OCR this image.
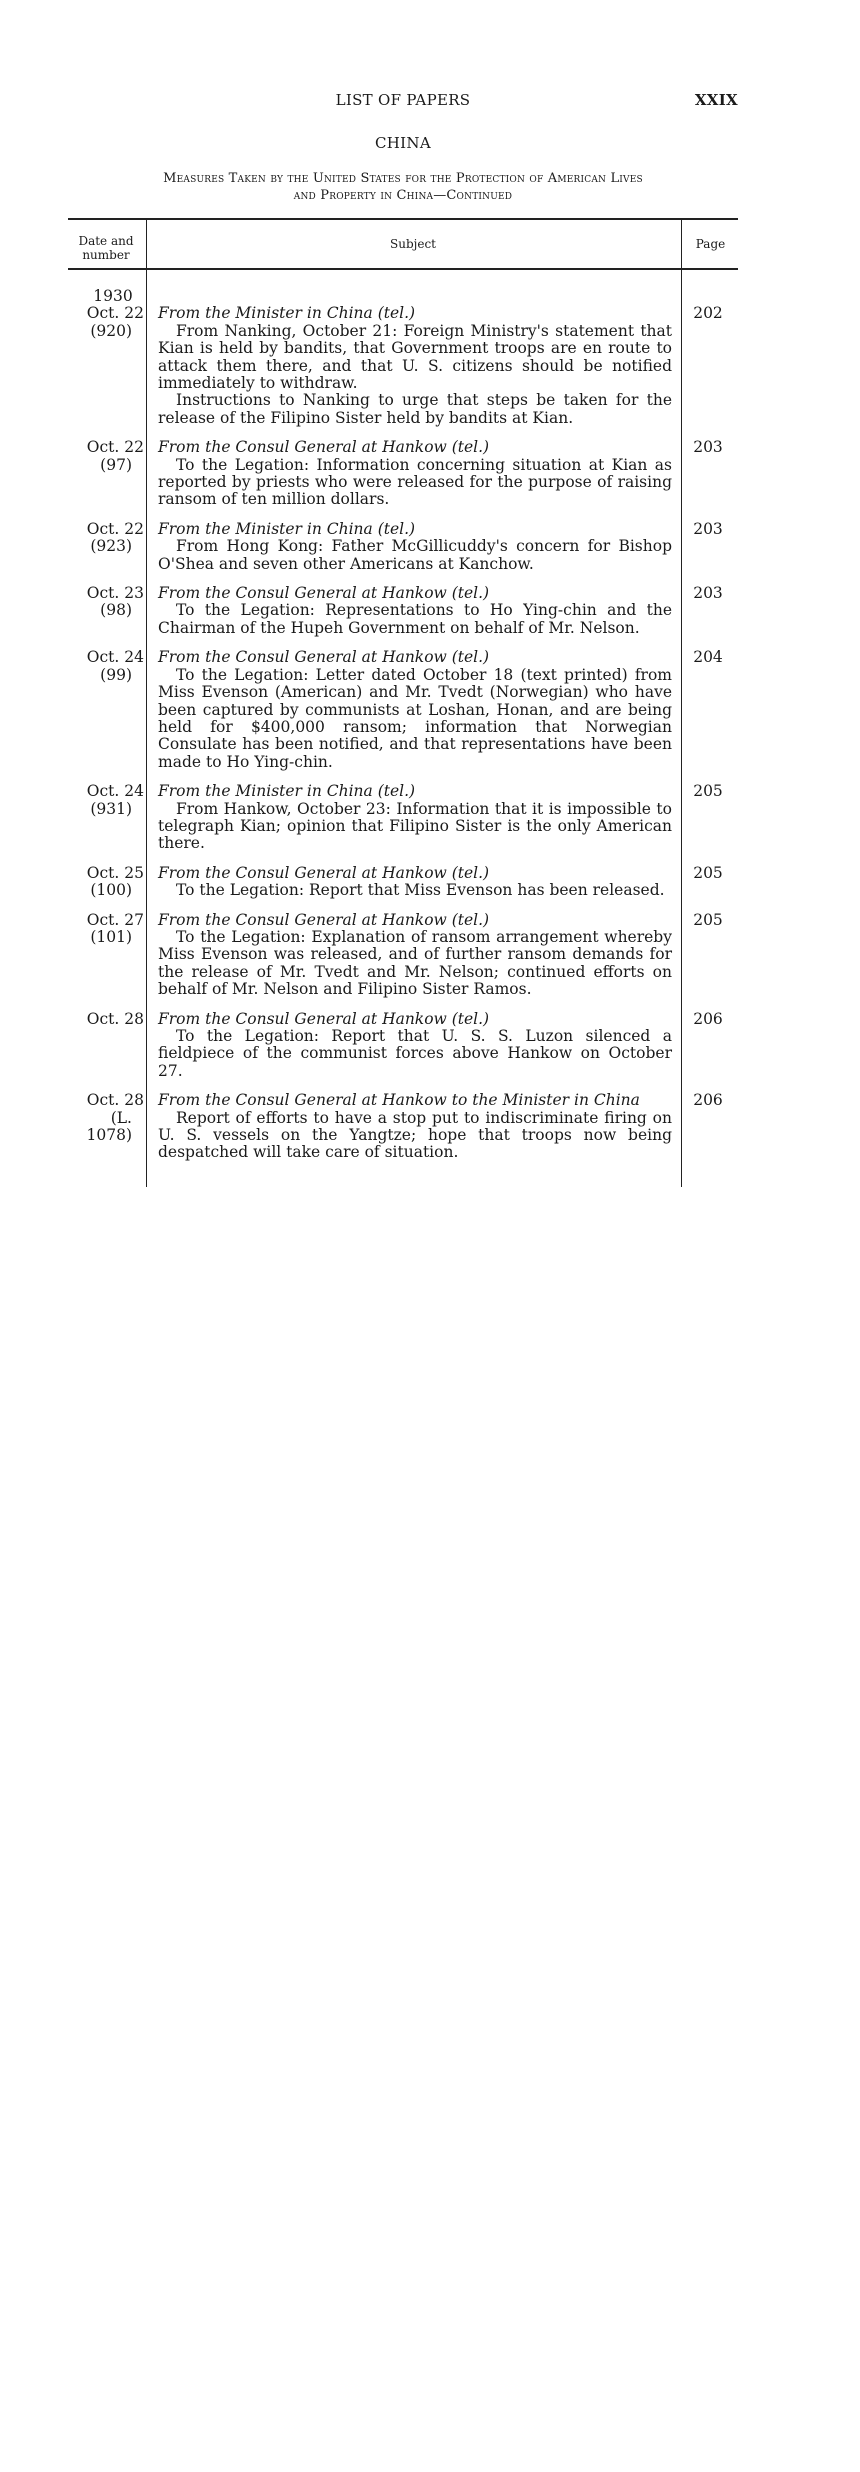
LIST OF PAPERS	XXIX
CHINA
Measures Taken by the United States for the Protection of American Lives
and Property in China—Continued
Date and number
Subject	Page
1930
Oct. 22
(920)
From the Minister in China (tel.)

From Nanking, October 21: Foreign Ministry's statement that Kian is held by bandits, that Government troops are en route to attack them there, and that U. S. citizens should be notified immediately to withdraw.

Instructions to Nanking to urge that steps be taken for the release of the Filipino Sister held by bandits at Kian.

202
Oct. 22
(97)
From the Consul General at Hankow (tel.)

To the Legation: Information concerning situation at Kian as reported by priests who were released for the purpose of raising ransom of ten million dollars.

203
Oct. 22
(923)
From the Minister in China (tel.)

From Hong Kong: Father McGillicuddy's concern for Bishop O'Shea and seven other Americans at Kanchow.

203
Oct. 23
(98)
From the Consul General at Hankow (tel.)

To the Legation: Representations to Ho Ying-chin and the Chairman of the Hupeh Government on behalf of Mr. Nelson.

203
Oct. 24
(99)
From the Consul General at Hankow (tel.)

To the Legation: Letter dated October 18 (text printed) from Miss Evenson (American) and Mr. Tvedt (Norwegian) who have been captured by communists at Loshan, Honan, and are being held for $400,000 ransom; information that Norwegian Consulate has been notified, and that representations have been made to Ho Ying-chin.

204
Oct. 24
(931)
From the Minister in China (tel.)

From Hankow, October 23: Information that it is impossible to telegraph Kian; opinion that Filipino Sister is the only American there.

205
Oct. 25
(100)
From the Consul General at Hankow (tel.)

To the Legation: Report that Miss Evenson has been released.

205
Oct. 27
(101)
From the Consul General at Hankow (tel.)

To the Legation: Explanation of ransom arrangement whereby Miss Evenson was released, and of further ransom demands for the release of Mr. Tvedt and Mr. Nelson; continued efforts on behalf of Mr. Nelson and Filipino Sister Ramos.

205
Oct. 28 From the Consul General at Hankow (tel.)

To the Legation: Report that U. S. S. Luzon silenced a fieldpiece of the communist forces above Hankow on October 27.

206
Oct. 28
(L. 1078)
From the Consul General at Hankow to the Minister in China

Report of efforts to have a stop put to indiscriminate firing on U. S. vessels on the Yangtze; hope that troops now being despatched will take care of situation.

206
